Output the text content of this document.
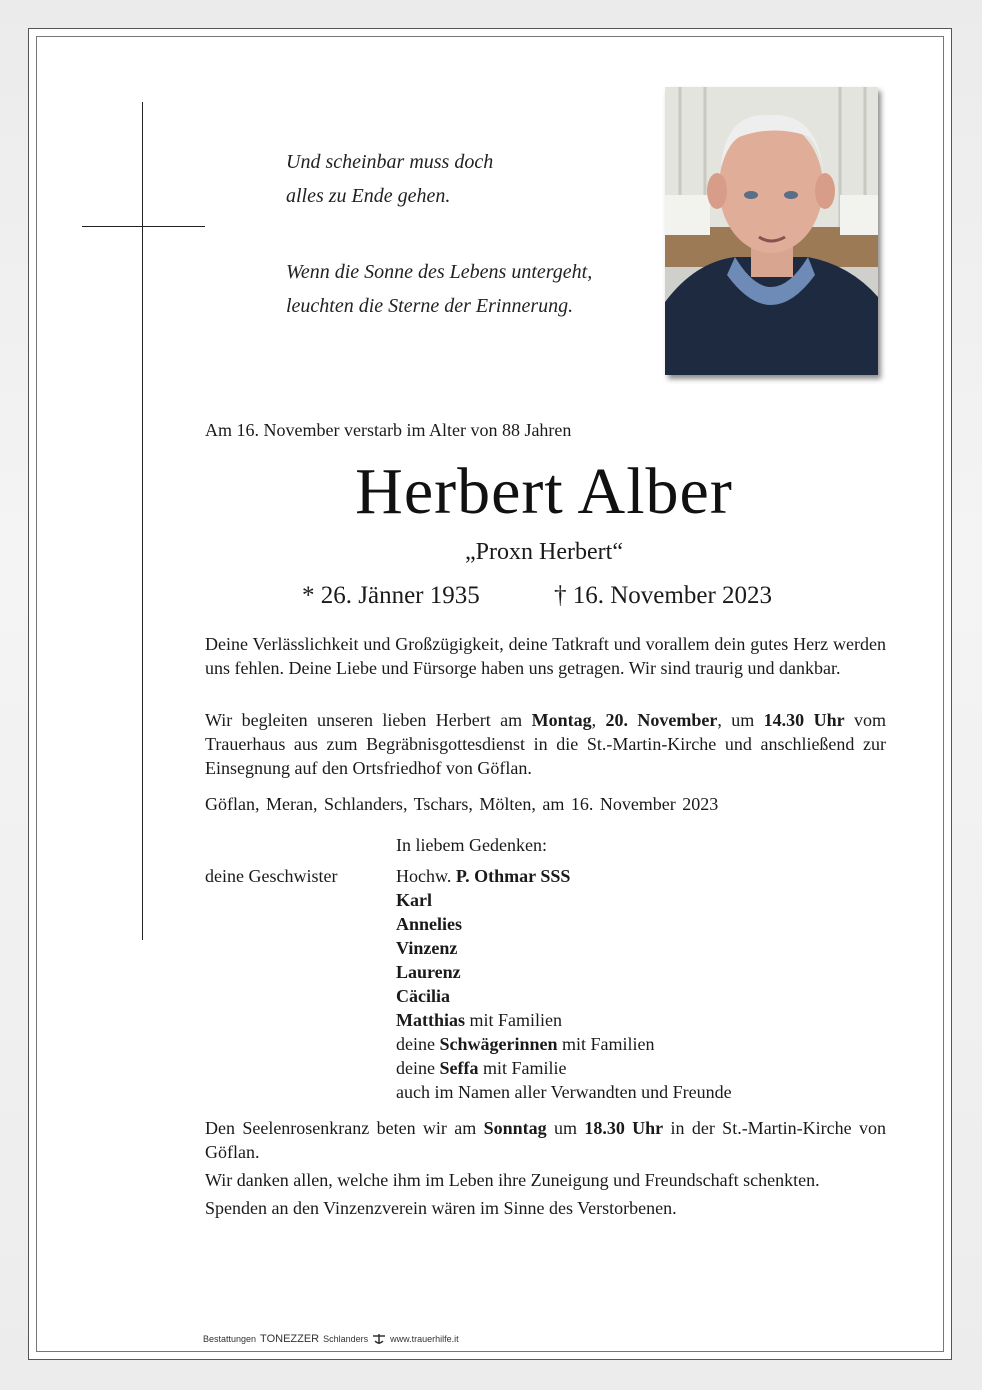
Und scheinbar muss doch
alles zu Ende gehen.
Wenn die Sonne des Lebens untergeht,
leuchten die Sterne der Erinnerung.
Am 16. November verstarb im Alter von 88 Jahren
Herbert Alber
„Proxn Herbert“
* 26. Jänner 1935	† 16. November 2023
Deine Verlässlichkeit und Großzügigkeit, deine Tatkraft und vorallem dein gutes Herz werden uns fehlen. Deine Liebe und Fürsorge haben uns getragen. Wir sind traurig und dankbar.
Wir begleiten unseren lieben Herbert am Montag, 20. November, um 14.30 Uhr vom Trauerhaus aus zum Begräbnisgottesdienst in die St.-Martin-Kirche und anschließend zur Einsegnung auf den Ortsfriedhof von Göflan.
Göflan, Meran, Schlanders, Tschars, Mölten, am 16. November 2023
In liebem Gedenken:
deine Geschwister	Hochw. P. Othmar SSS
Karl
Annelies
Vinzenz
Laurenz
Cäcilia
Matthias mit Familien
deine Schwägerinnen mit Familien
deine Seffa mit Familie
auch im Namen aller Verwandten und Freunde
Den Seelenrosenkranz beten wir am Sonntag um 18.30 Uhr in der St.-Martin-Kirche von Göflan.
Wir danken allen, welche ihm im Leben ihre Zuneigung und Freundschaft schenkten.
Spenden an den Vinzenzverein wären im Sinne des Verstorbenen.
Bestattungen TONEZZER Schlanders www.trauerhilfe.it
